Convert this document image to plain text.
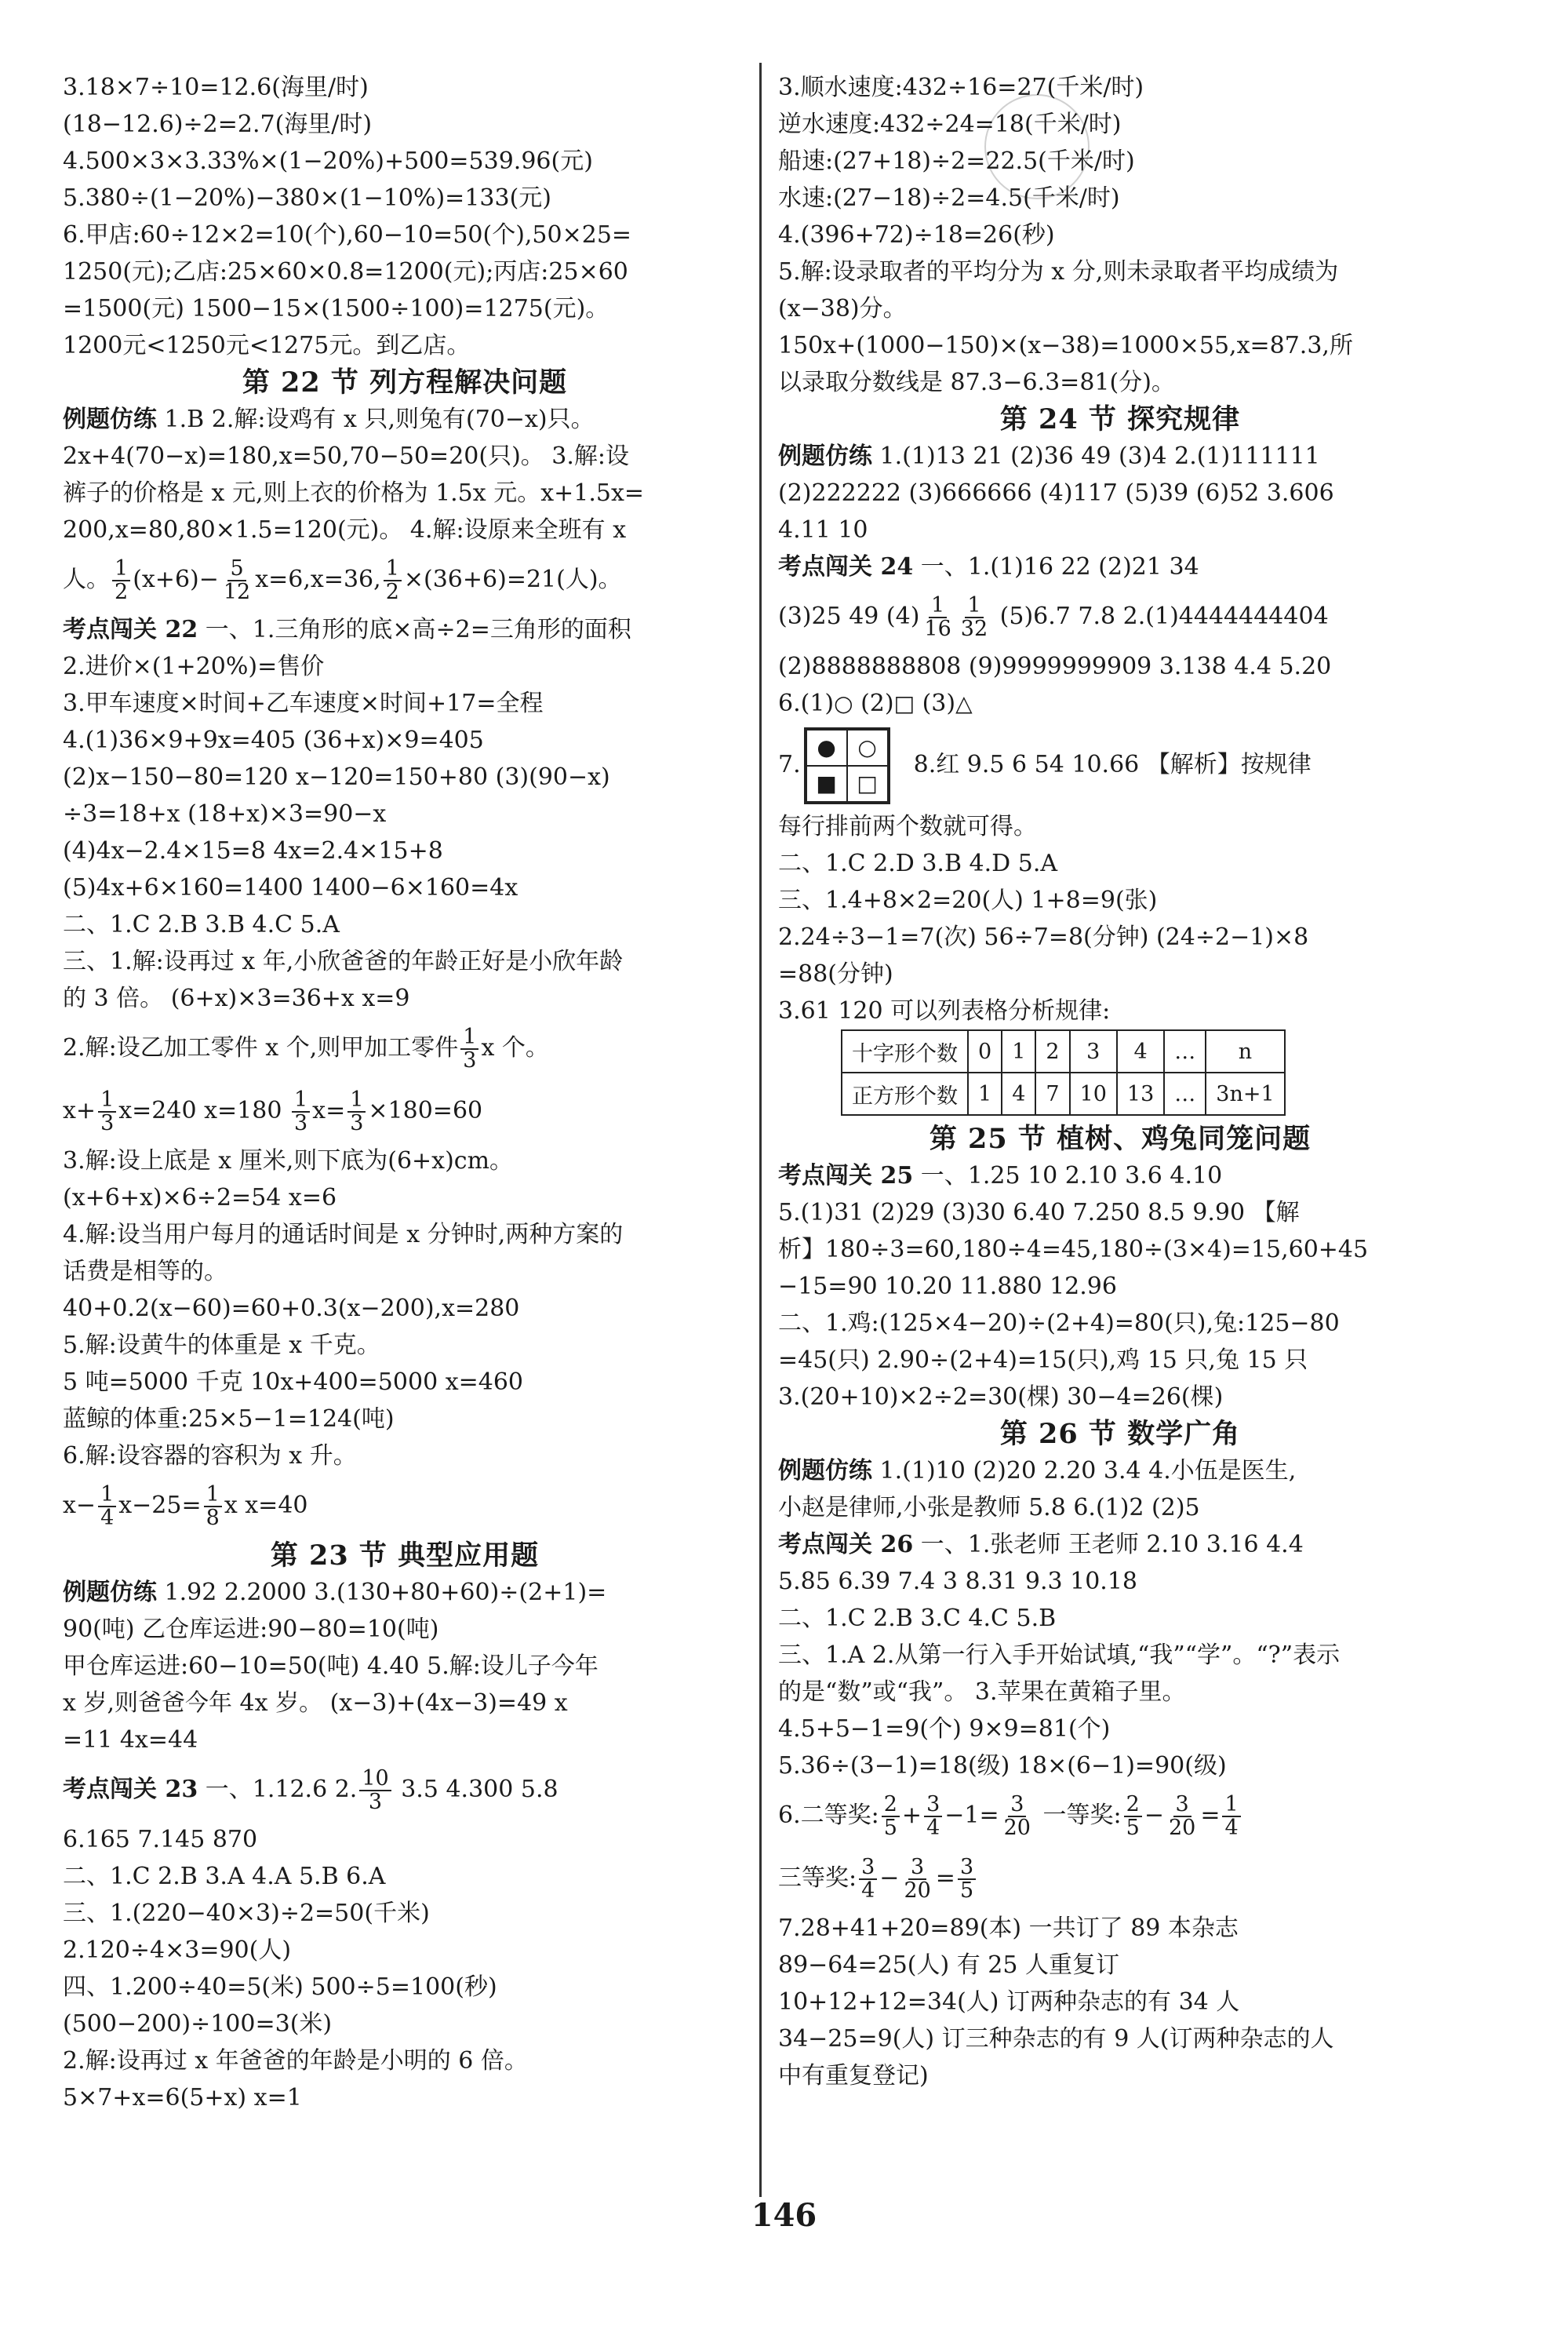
3.18×7÷10=12.6(海里/时)
(18−12.6)÷2=2.7(海里/时)
4.500×3×3.33%×(1−20%)+500=539.96(元)
5.380÷(1−20%)−380×(1−10%)=133(元)
6.甲店:60÷12×2=10(个),60−10=50(个),50×25=
1250(元);乙店:25×60×0.8=1200(元);丙店:25×60
=1500(元) 1500−15×(1500÷100)=1275(元)。
1200元<1250元<1275元。到乙店。
第 22 节 列方程解决问题
例题仿练 1.B 2.解:设鸡有 x 只,则兔有(70−x)只。
2x+4(70−x)=180,x=50,70−50=20(只)。 3.解:设
裤子的价格是 x 元,则上衣的价格为 1.5x 元。x+1.5x=
200,x=80,80×1.5=120(元)。 4.解:设原来全班有 x
人。 $\frac{1}{2} (x+6)- \frac{5}{12} x=6,x=36$, $\frac{1}{2} \times(36+6)=21$(人)。
考点闯关 22 一、1.三角形的底×高÷2=三角形的面积
2.进价×(1+20%)=售价
3.甲车速度×时间+乙车速度×时间+17=全程
4.(1)36×9+9x=405 (36+x)×9=405
(2)x−150−80=120 x−120=150+80 (3)(90−x)
÷3=18+x (18+x)×3=90−x
(4)4x−2.4×15=8 4x=2.4×15+8
(5)4x+6×160=1400 1400−6×160=4x
二、1.C 2.B 3.B 4.C 5.A
三、1.解:设再过 x 年,小欣爸爸的年龄正好是小欣年龄
的 3 倍。 (6+x)×3=36+x x=9
2.解:设乙加工零件 x 个,则甲加工零件 $\frac{1}{3}$ x 个。
$x+ \frac{1}{3} x=240$ $x=180 \frac{1}{3} x= \frac{1}{3} \times 180=60$
3.解:设上底是 x 厘米,则下底为(6+x)cm。
(x+6+x)×6÷2=54 x=6
4.解:设当用户每月的通话时间是 x 分钟时,两种方案的
话费是相等的。
40+0.2(x−60)=60+0.3(x−200),x=280
5.解:设黄牛的体重是 x 千克。
5 吨=5000 千克 10x+400=5000 x=460
蓝鲸的体重:25×5−1=124(吨)
6.解:设容器的容积为 x 升。
$x- \frac{1}{4} x-25= \frac{1}{8}$ x x=40
第 23 节 典型应用题
例题仿练 1.92 2.2000 3.(130+80+60)÷(2+1)=
90(吨) 乙仓库运进:90−80=10(吨)
甲仓库运进:60−10=50(吨) 4.40 5.解:设儿子今年
x 岁,则爸爸今年 4x 岁。 (x−3)+(4x−3)=49 x
=11 4x=44
考点闯关 23 一、1.12.6 2. $\frac{10}{3} 3.5$ 4.300 5.8
6.165 7.145 870
二、1.C 2.B 3.A 4.A 5.B 6.A
三、1.(220−40×3)÷2=50(千米)
2.120÷4×3=90(人)
四、1.200÷40=5(米) 500÷5=100(秒)
(500−200)÷100=3(米)
2.解:设再过 x 年爸爸的年龄是小明的 6 倍。
5×7+x=6(5+x) x=1
3.顺水速度:432÷16=27(千米/时)
逆水速度:432÷24=18(千米/时)
船速:(27+18)÷2=22.5(千米/时)
水速:(27−18)÷2=4.5(千米/时)
4.(396+72)÷18=26(秒)
5.解:设录取者的平均分为 x 分,则未录取者平均成绩为
(x−38)分。
150x+(1000−150)×(x−38)=1000×55,x=87.3,所
以录取分数线是 87.3−6.3=81(分)。
第 24 节 探究规律
例题仿练 1.(1)13 21 (2)36 49 (3)4 2.(1)111111
(2)222222 (3)666666 (4)117 (5)39 (6)52 3.606
4.11 10
考点闯关 24 一、1.(1)16 22 (2)21 34
(3)25 49 $(4) \frac{1}{16} \frac{1}{32} (5)6.7$ 7.8 2.(1)4444444404
(2)8888888808 (9)9999999909 3.138 4.4 5.20
6.(1)○ (2)□ (3)△
7.
● ○
■ □
8.红 9.5 6 54 10.66 【解析】按规律
每行排前两个数就可得。
二、1.C 2.D 3.B 4.D 5.A
三、1.4+8×2=20(人) 1+8=9(张)
2.24÷3−1=7(次) 56÷7=8(分钟) (24÷2−1)×8
=88(分钟)
3.61 120 可以列表格分析规律:
十字形个数	0	1	2	3	4	…	n
正方形个数	1	4	7	10	13	…	3n+1
第 25 节 植树、鸡兔同笼问题
考点闯关 25 一、1.25 10 2.10 3.6 4.10
5.(1)31 (2)29 (3)30 6.40 7.250 8.5 9.90 【解
析】180÷3=60,180÷4=45,180÷(3×4)=15,60+45
−15=90 10.20 11.880 12.96
二、1.鸡:(125×4−20)÷(2+4)=80(只),兔:125−80
=45(只) 2.90÷(2+4)=15(只),鸡 15 只,兔 15 只
3.(20+10)×2÷2=30(棵) 30−4=26(棵)
第 26 节 数学广角
例题仿练 1.(1)10 (2)20 2.20 3.4 4.小伍是医生,
小赵是律师,小张是教师 5.8 6.(1)2 (2)5
考点闯关 26 一、1.张老师 王老师 2.10 3.16 4.4
5.85 6.39 7.4 3 8.31 9.3 10.18
二、1.C 2.B 3.C 4.C 5.B
三、1.A 2.从第一行入手开始试填,“我”“学”。“?”表示
的是“数”或“我”。 3.苹果在黄箱子里。
4.5+5−1=9(个) 9×9=81(个)
5.36÷(3−1)=18(级) 18×(6−1)=90(级)
6.二等奖: $\frac{2}{5} + \frac{3}{4} -1= \frac{3}{20}$ 一等奖: $\frac{2}{5} - \frac{3}{20} = \frac{1}{4}$
三等奖: $\frac{3}{4} - \frac{3}{20} = \frac{3}{5}$
7.28+41+20=89(本) 一共订了 89 本杂志
89−64=25(人) 有 25 人重复订
10+12+12=34(人) 订两种杂志的有 34 人
34−25=9(人) 订三种杂志的有 9 人(订两种杂志的人
中有重复登记)
146
